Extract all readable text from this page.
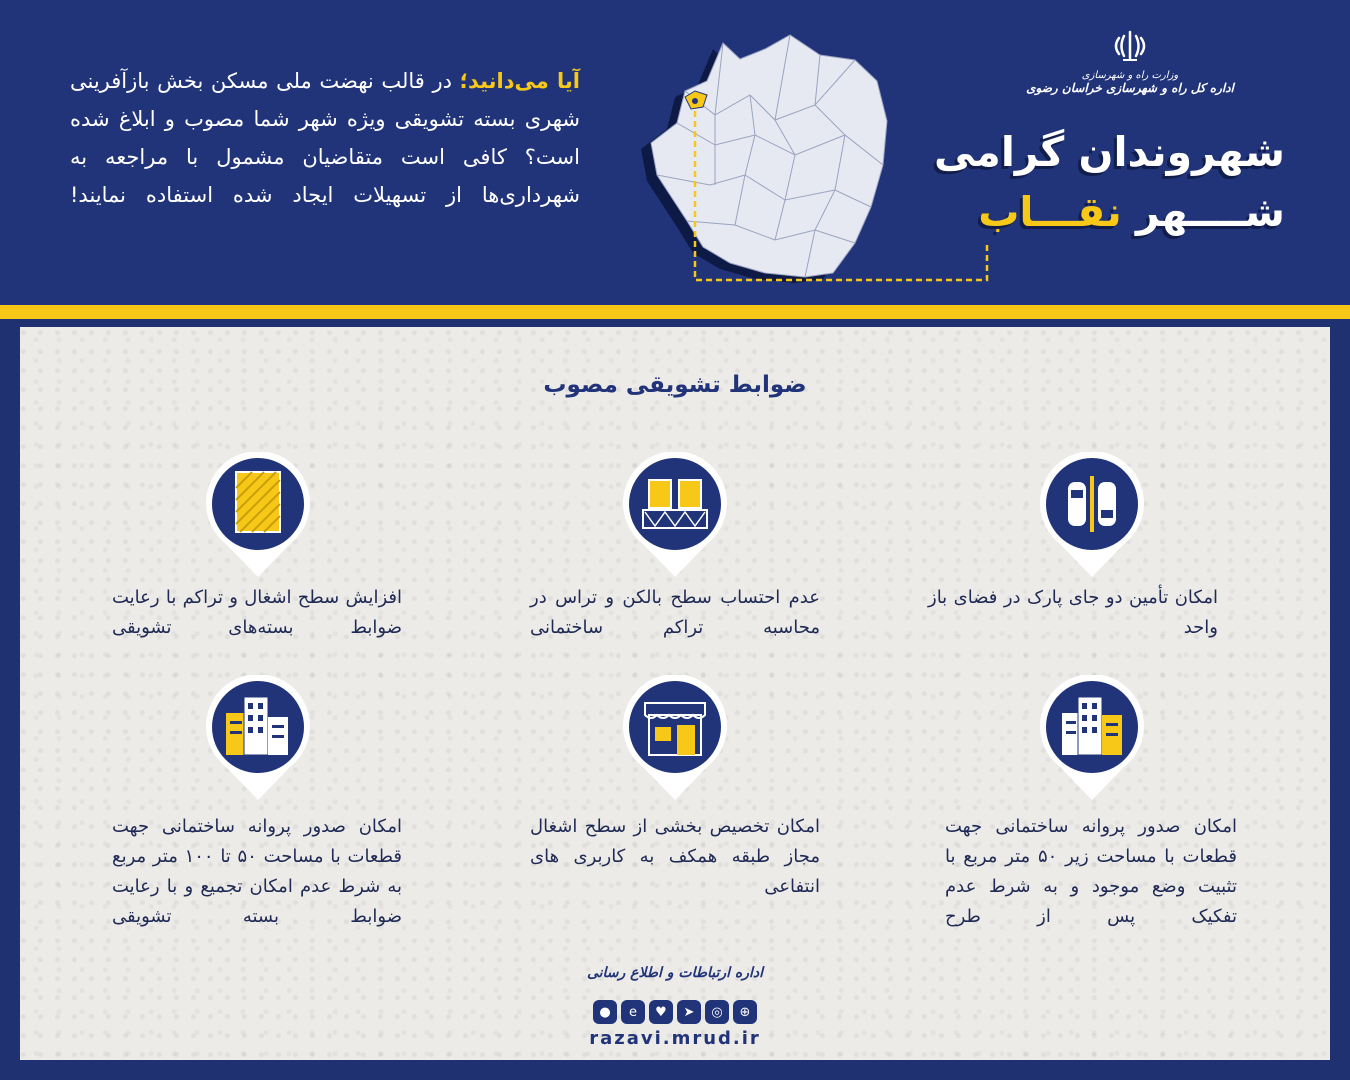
آیا می‌دانید؛ در قالب نهضت ملی مسکن بخش بازآفرینی شهری بسته تشویقی ویژه شهر شما مصوب و ابلاغ شده است؟ کافی است متقاضیان مشمول با مراجعه به شهرداری‌ها از تسهیلات ایجاد شده استفاده نمایند!

وزارت راه و شهرسازی
اداره کل راه و شهرسازی خراسان رضوی
شهروندان گرامی
شــــهر نقـــاب
ضوابط تشویقی مصوب

امکان تأمین دو جای پارک در فضای باز واحد

عدم احتساب سطح بالکن و تراس در محاسبه تراکم ساختمانی

افزایش سطح اشغال و تراکم با رعایت ضوابط بسته‌های تشویقی

امکان صدور پروانه ساختمانی جهت قطعات با مساحت زیر ۵۰ متر مربع با تثبیت وضع موجود و به شرط عدم تفکیک پس از طرح

امکان تخصیص بخشی از سطح اشغال مجاز طبقه همکف به کاربری های انتفاعی

امکان صدور پروانه ساختمانی جهت قطعات با مساحت ۵۰ تا ۱۰۰ متر مربع به شرط عدم امکان تجمیع و با رعایت ضوابط بسته تشویقی

اداره ارتباطات و اطلاع رسانی
●	e	♥	➤	◎	⊕
razavi.mrud.ir
